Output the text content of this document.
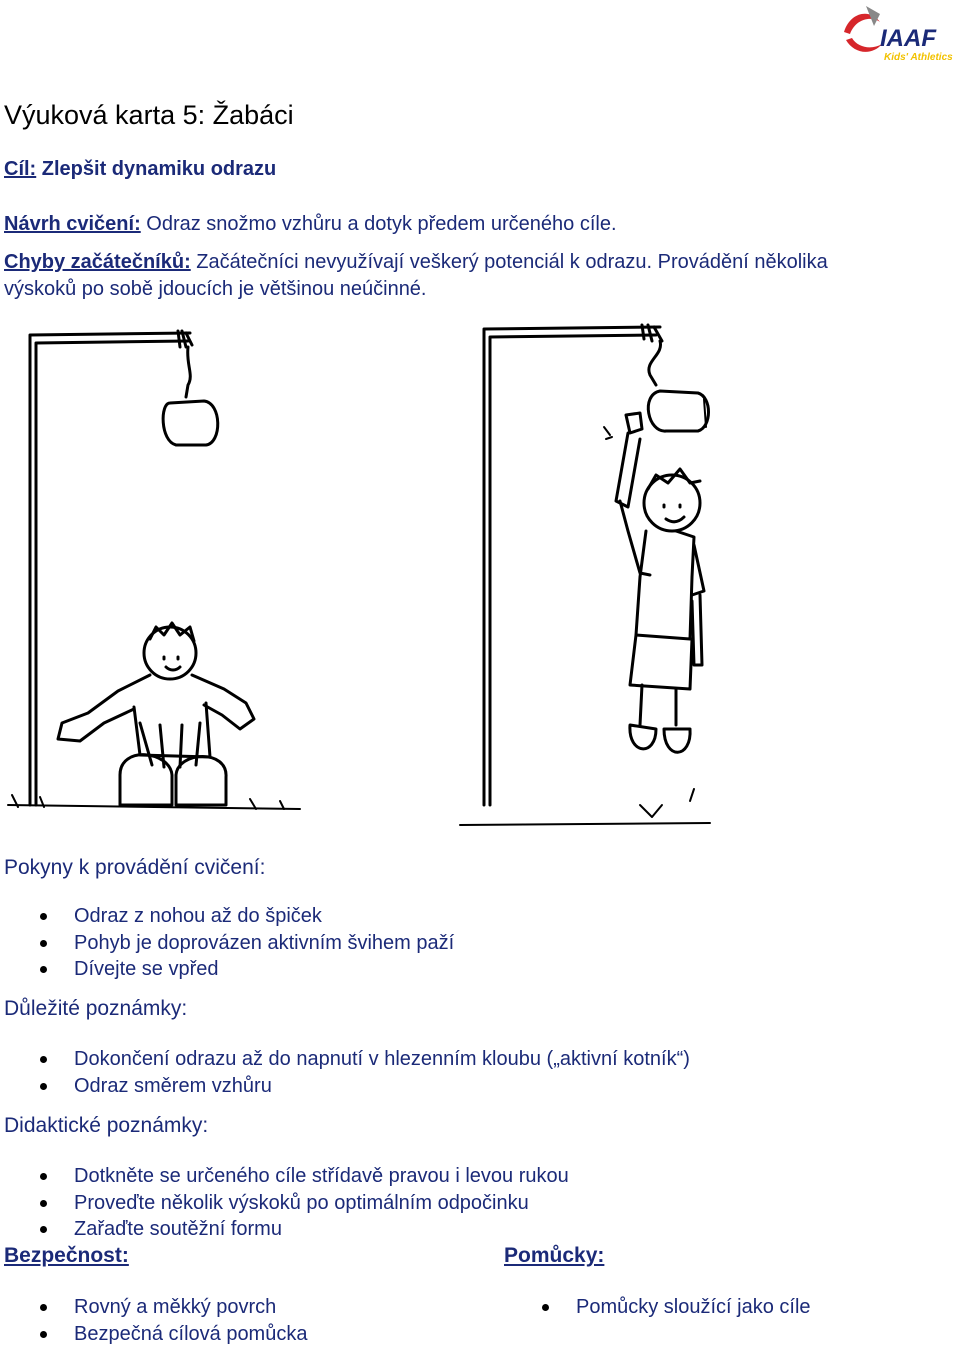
IAAF
Kids' Athletics
Výuková karta 5: Žabáci
Cíl: Zlepšit dynamiku odrazu
Návrh cvičení: Odraz snožmo vzhůru a dotyk předem určeného cíle.
Chyby začátečníků: Začátečníci nevyužívají veškerý potenciál k odrazu. Provádění několika
výskoků po sobě jdoucích je většinou neúčinné.
Pokyny k provádění cvičení:
Odraz z nohou až do špiček
Pohyb je doprovázen aktivním švihem paží
Dívejte se vpřed
Důležité poznámky:
Dokončení odrazu až do napnutí v hlezenním kloubu („aktivní kotník“)
Odraz směrem vzhůru
Didaktické poznámky:
Dotkněte se určeného cíle střídavě pravou i levou rukou
Proveďte několik výskoků po optimálním odpočinku
Zařaďte soutěžní formu
Bezpečnost:
Rovný a měkký povrch
Bezpečná cílová pomůcka
Pomůcky:
Pomůcky sloužící jako cíle
